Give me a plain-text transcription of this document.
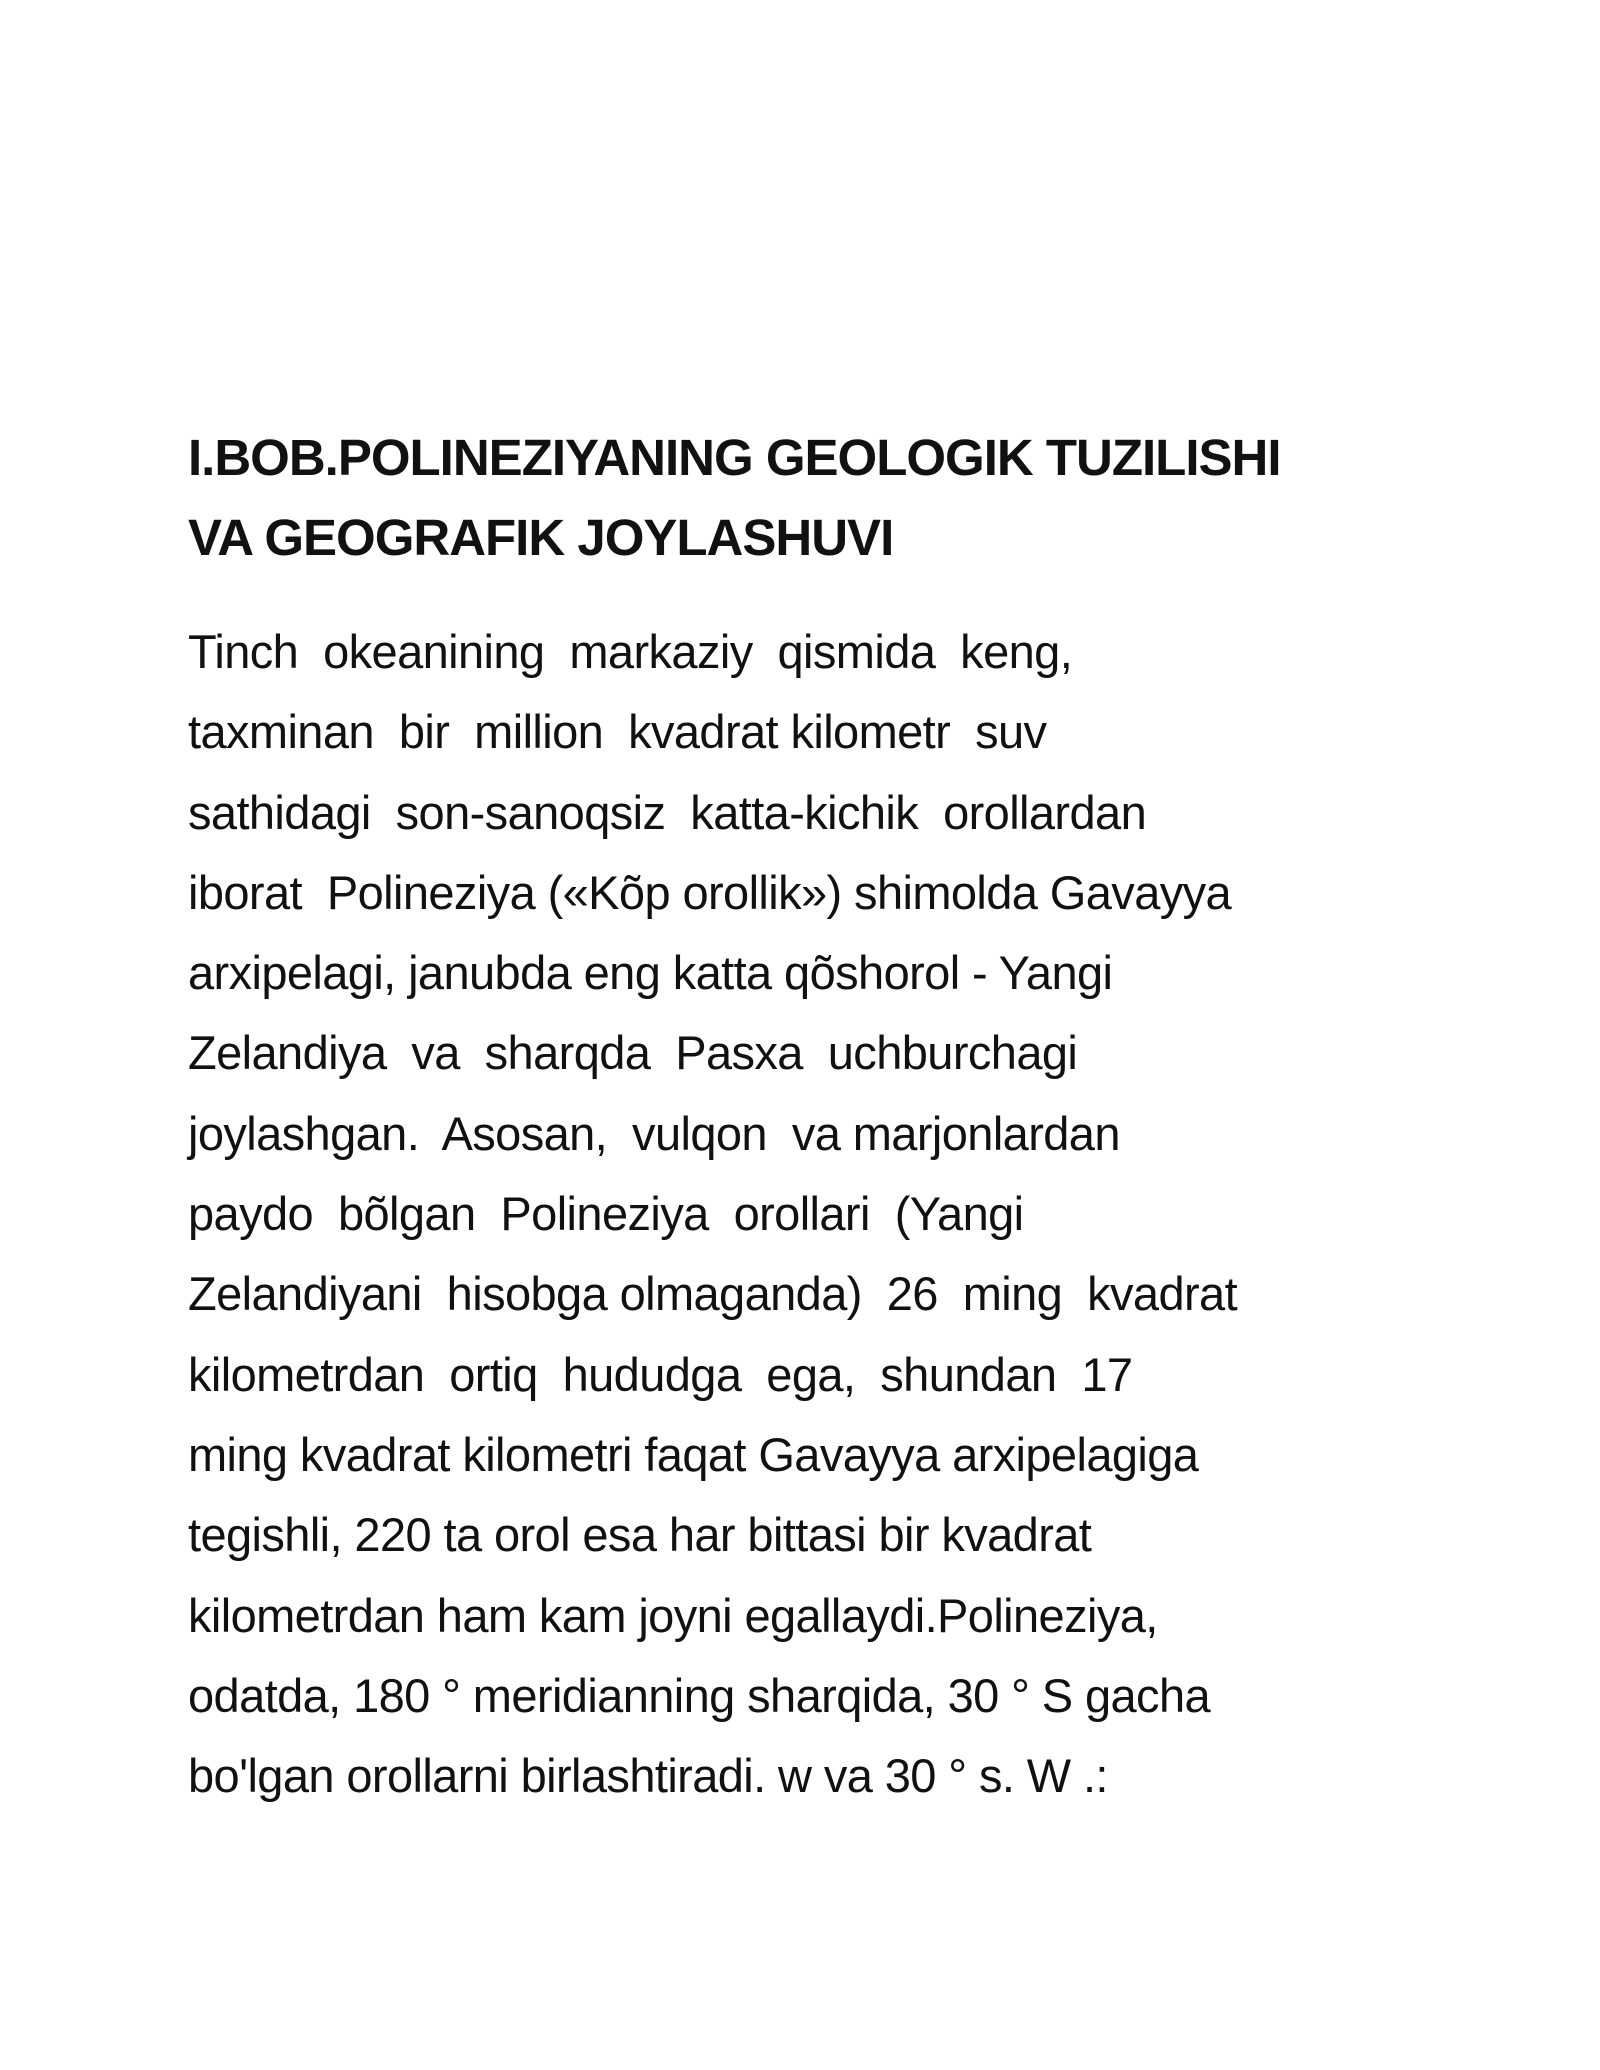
I.BOB.POLINEZIYANING GEOLOGIK TUZILISHI
VA GEOGRAFIK JOYLASHUVI
Tinch  okeanining  markaziy  qismida  keng,
taxminan  bir  million  kvadrat kilometr  suv
sathidagi  son-sanoqsiz  katta-kichik  orollardan
iborat  Polineziya («Kõp orollik») shimolda Gavayya
arxipelagi, janubda eng katta qõshorol - Yangi
Zelandiya  va  sharqda  Pasxa  uchburchagi
joylashgan.  Asosan,  vulqon  va marjonlardan
paydo  bõlgan  Polineziya  orollari  (Yangi
Zelandiyani  hisobga olmaganda)  26  ming  kvadrat
kilometrdan  ortiq  hududga  ega,  shundan  17
ming kvadrat kilometri faqat Gavayya arxipelagiga
tegishli, 220 ta orol esa har bittasi bir kvadrat
kilometrdan ham kam joyni egallaydi.Polineziya,
odatda, 180 ° meridianning sharqida, 30 ° S gacha
bo'lgan orollarni birlashtiradi. w va 30 ° s. W .:
